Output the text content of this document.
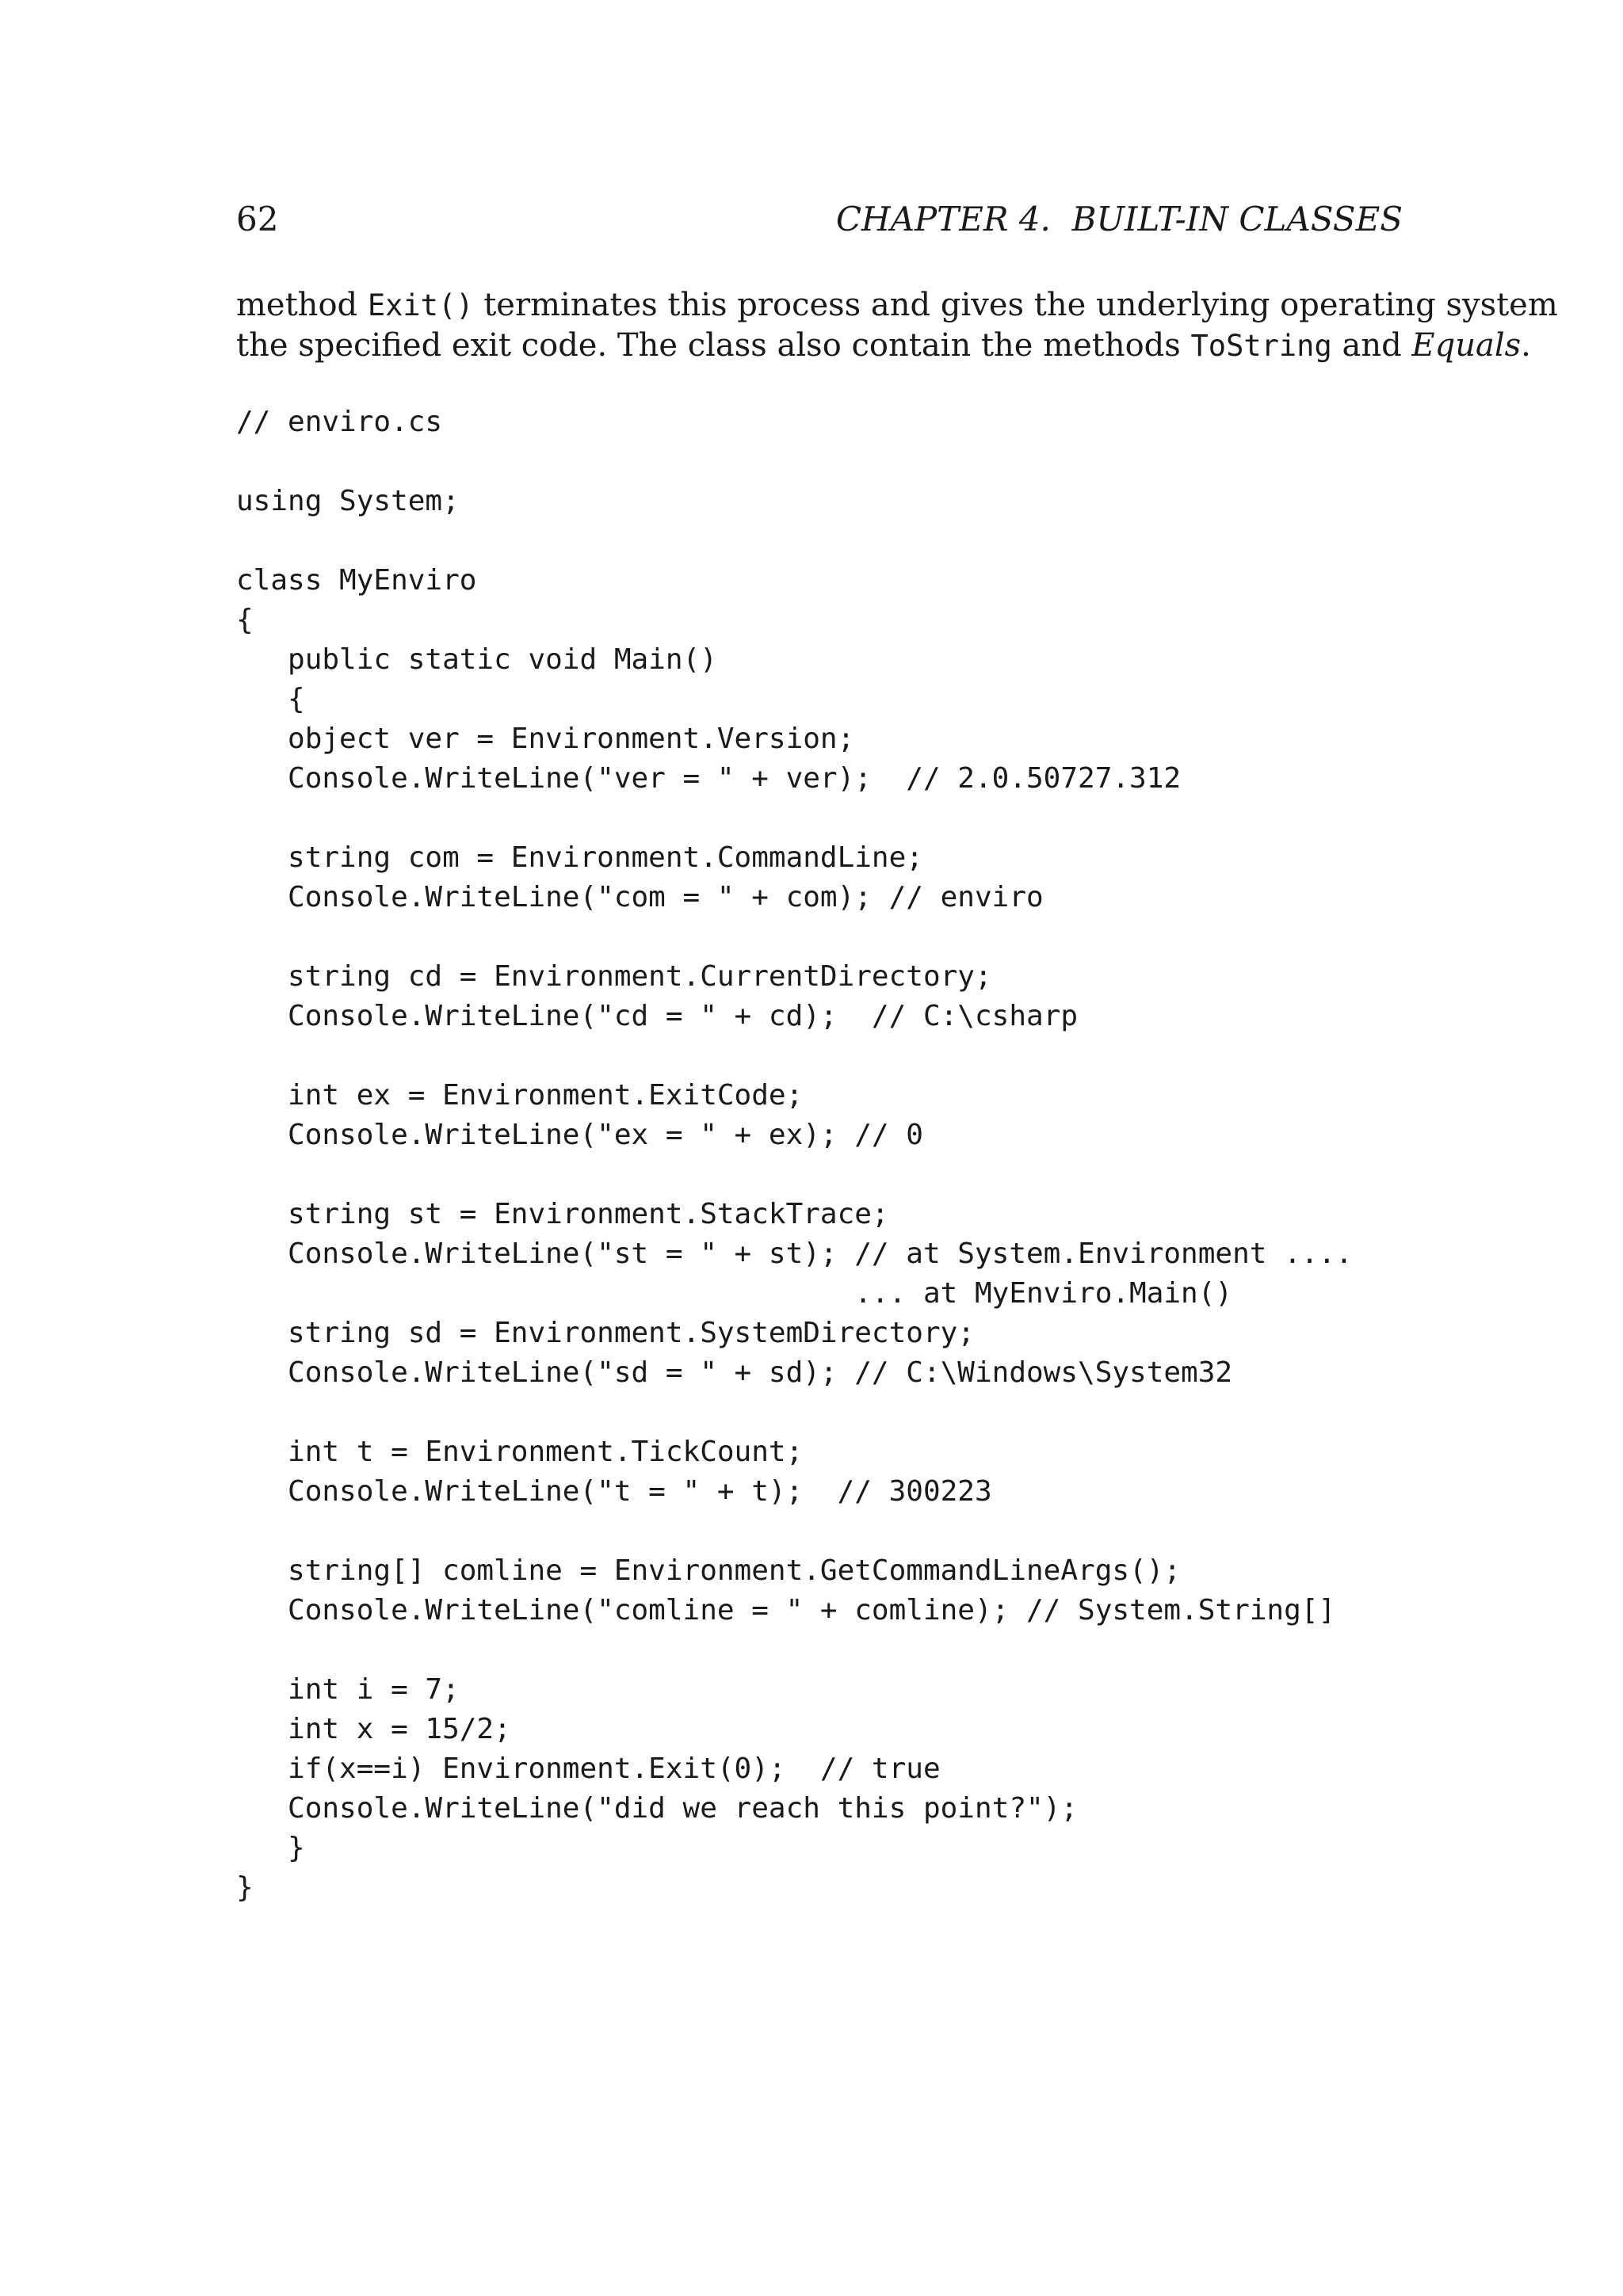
62	CHAPTER 4.  BUILT-IN CLASSES
method Exit() terminates this process and gives the underlying operating system
the specified exit code. The class also contain the methods ToString and Equals.
// enviro.cs
using System;
class MyEnviro
{
public static void Main()
{
object ver = Environment.Version;
Console.WriteLine("ver = " + ver);  // 2.0.50727.312
string com = Environment.CommandLine;
Console.WriteLine("com = " + com); // enviro
string cd = Environment.CurrentDirectory;
Console.WriteLine("cd = " + cd);  // C:\csharp
int ex = Environment.ExitCode;
Console.WriteLine("ex = " + ex); // 0
string st = Environment.StackTrace;
Console.WriteLine("st = " + st); // at System.Environment ....
... at MyEnviro.Main()
string sd = Environment.SystemDirectory;
Console.WriteLine("sd = " + sd); // C:\Windows\System32
int t = Environment.TickCount;
Console.WriteLine("t = " + t);  // 300223
string[] comline = Environment.GetCommandLineArgs();
Console.WriteLine("comline = " + comline); // System.String[]
int i = 7;
int x = 15/2;
if(x==i) Environment.Exit(0);  // true
Console.WriteLine("did we reach this point?");
}
}
